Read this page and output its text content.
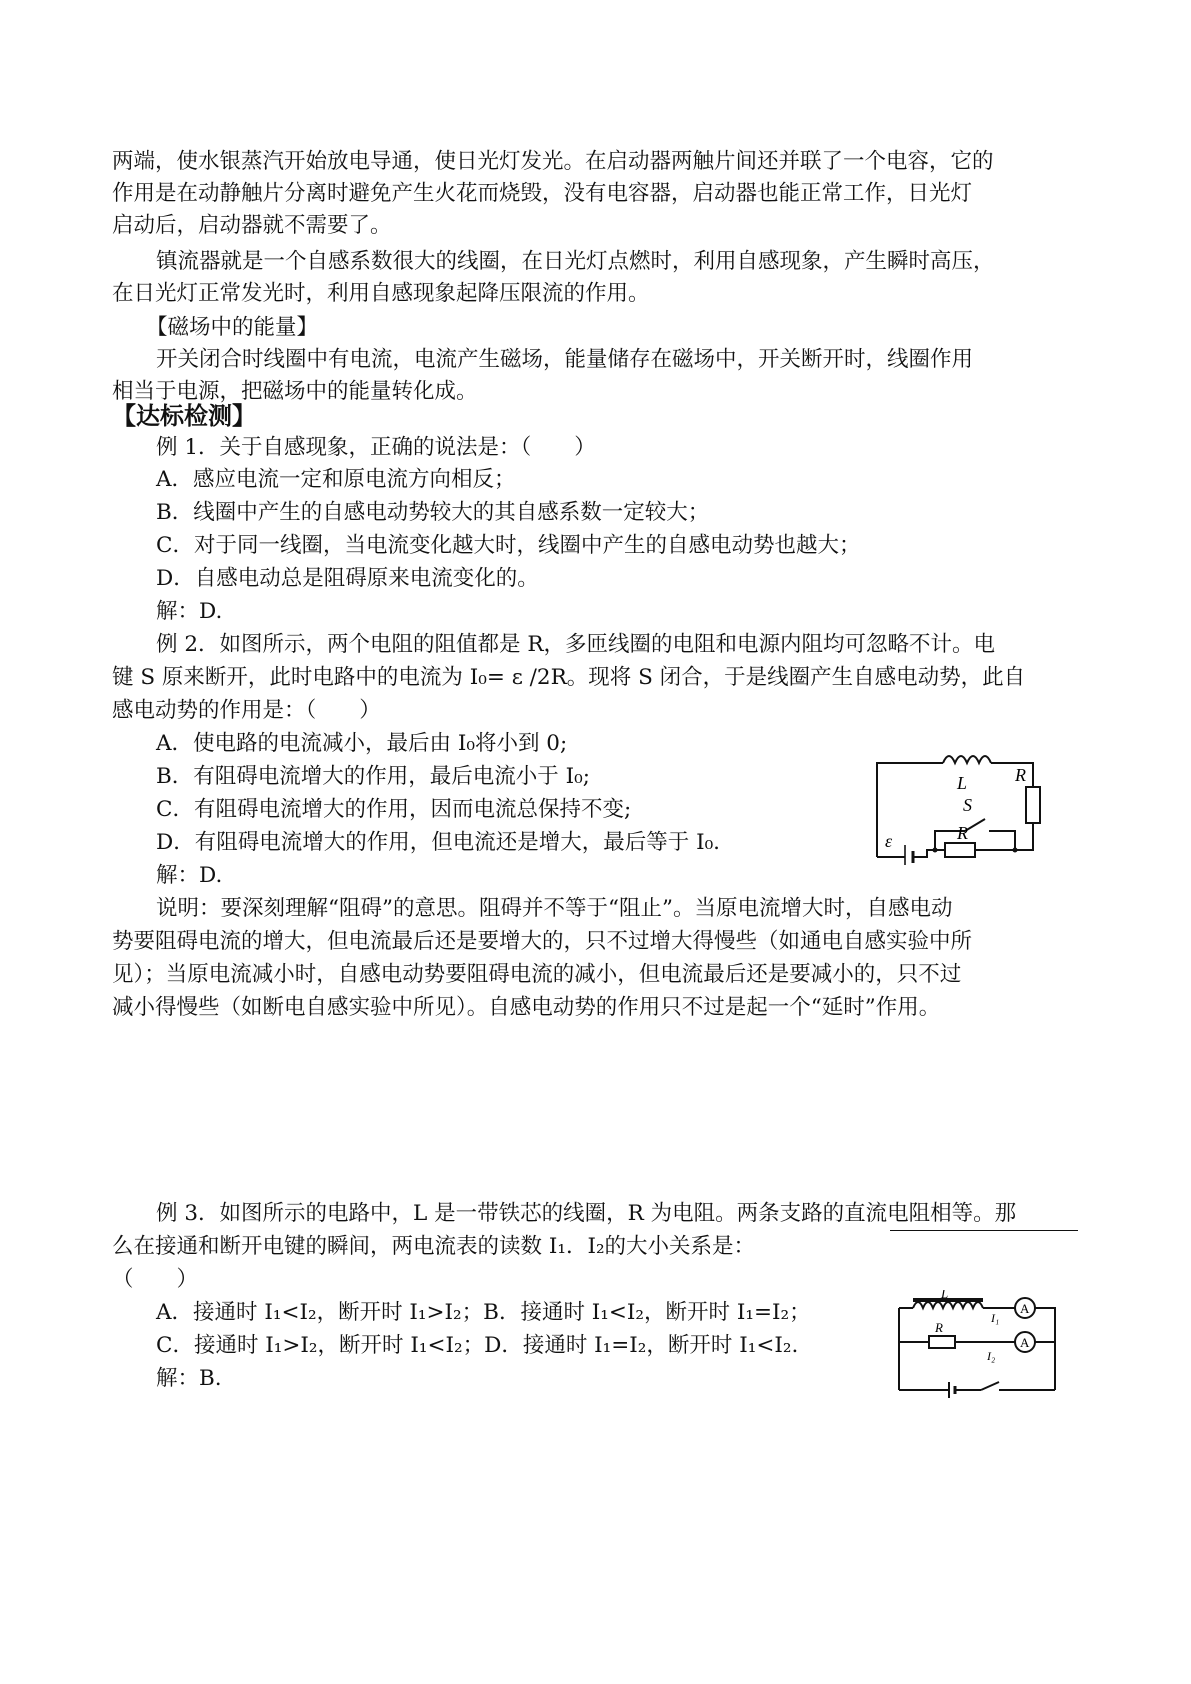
两端，使水银蒸汽开始放电导通，使日光灯发光。在启动器两触片间还并联了一个电容，它的
作用是在动静触片分离时避免产生火花而烧毁，没有电容器，启动器也能正常工作，日光灯
启动后，启动器就不需要了。
镇流器就是一个自感系数很大的线圈，在日光灯点燃时，利用自感现象，产生瞬时高压，
在日光灯正常发光时，利用自感现象起降压限流的作用。
【磁场中的能量】
开关闭合时线圈中有电流，电流产生磁场，能量储存在磁场中，开关断开时，线圈作用
相当于电源，把磁场中的能量转化成。
【达标检测】
例 1．关于自感现象，正确的说法是：（　　）
A．感应电流一定和原电流方向相反；
B．线圈中产生的自感电动势较大的其自感系数一定较大；
C．对于同一线圈，当电流变化越大时，线圈中产生的自感电动势也越大；
D．自感电动总是阻碍原来电流变化的。
解：D.
例 2．如图所示，两个电阻的阻值都是 R，多匝线圈的电阻和电源内阻均可忽略不计。电
键 S 原来断开，此时电路中的电流为 I₀= ε /2R。现将 S 闭合，于是线圈产生自感电动势，此自
感电动势的作用是：（　　）
A．使电路的电流减小，最后由 I₀将小到 0;
B．有阻碍电流增大的作用，最后电流小于 I₀;
C．有阻碍电流增大的作用，因而电流总保持不变;
D．有阻碍电流增大的作用，但电流还是增大，最后等于 I₀.
解：D.
说明：要深刻理解“阻碍”的意思。阻碍并不等于“阻止”。当原电流增大时，自感电动
势要阻碍电流的增大，但电流最后还是要增大的，只不过增大得慢些（如通电自感实验中所
见）；当原电流减小时，自感电动势要阻碍电流的减小，但电流最后还是要减小的，只不过
减小得慢些（如断电自感实验中所见）。自感电动势的作用只不过是起一个“延时”作用。
L	R
S
R
ε
例 3．如图所示的电路中，L 是一带铁芯的线圈，R 为电阻。两条支路的直流电阻相等。那
么在接通和断开电键的瞬间，两电流表的读数 I₁．I₂的大小关系是：
（　　）
A．接通时 I₁<I₂，断开时 I₁>I₂；B．接通时 I₁<I₂，断开时 I₁=I₂；
C．接通时 I₁>I₂，断开时 I₁<I₂；D．接通时 I₁=I₂，断开时 I₁<I₂.
解：B.
L
I₁
R
I₂
A
A
